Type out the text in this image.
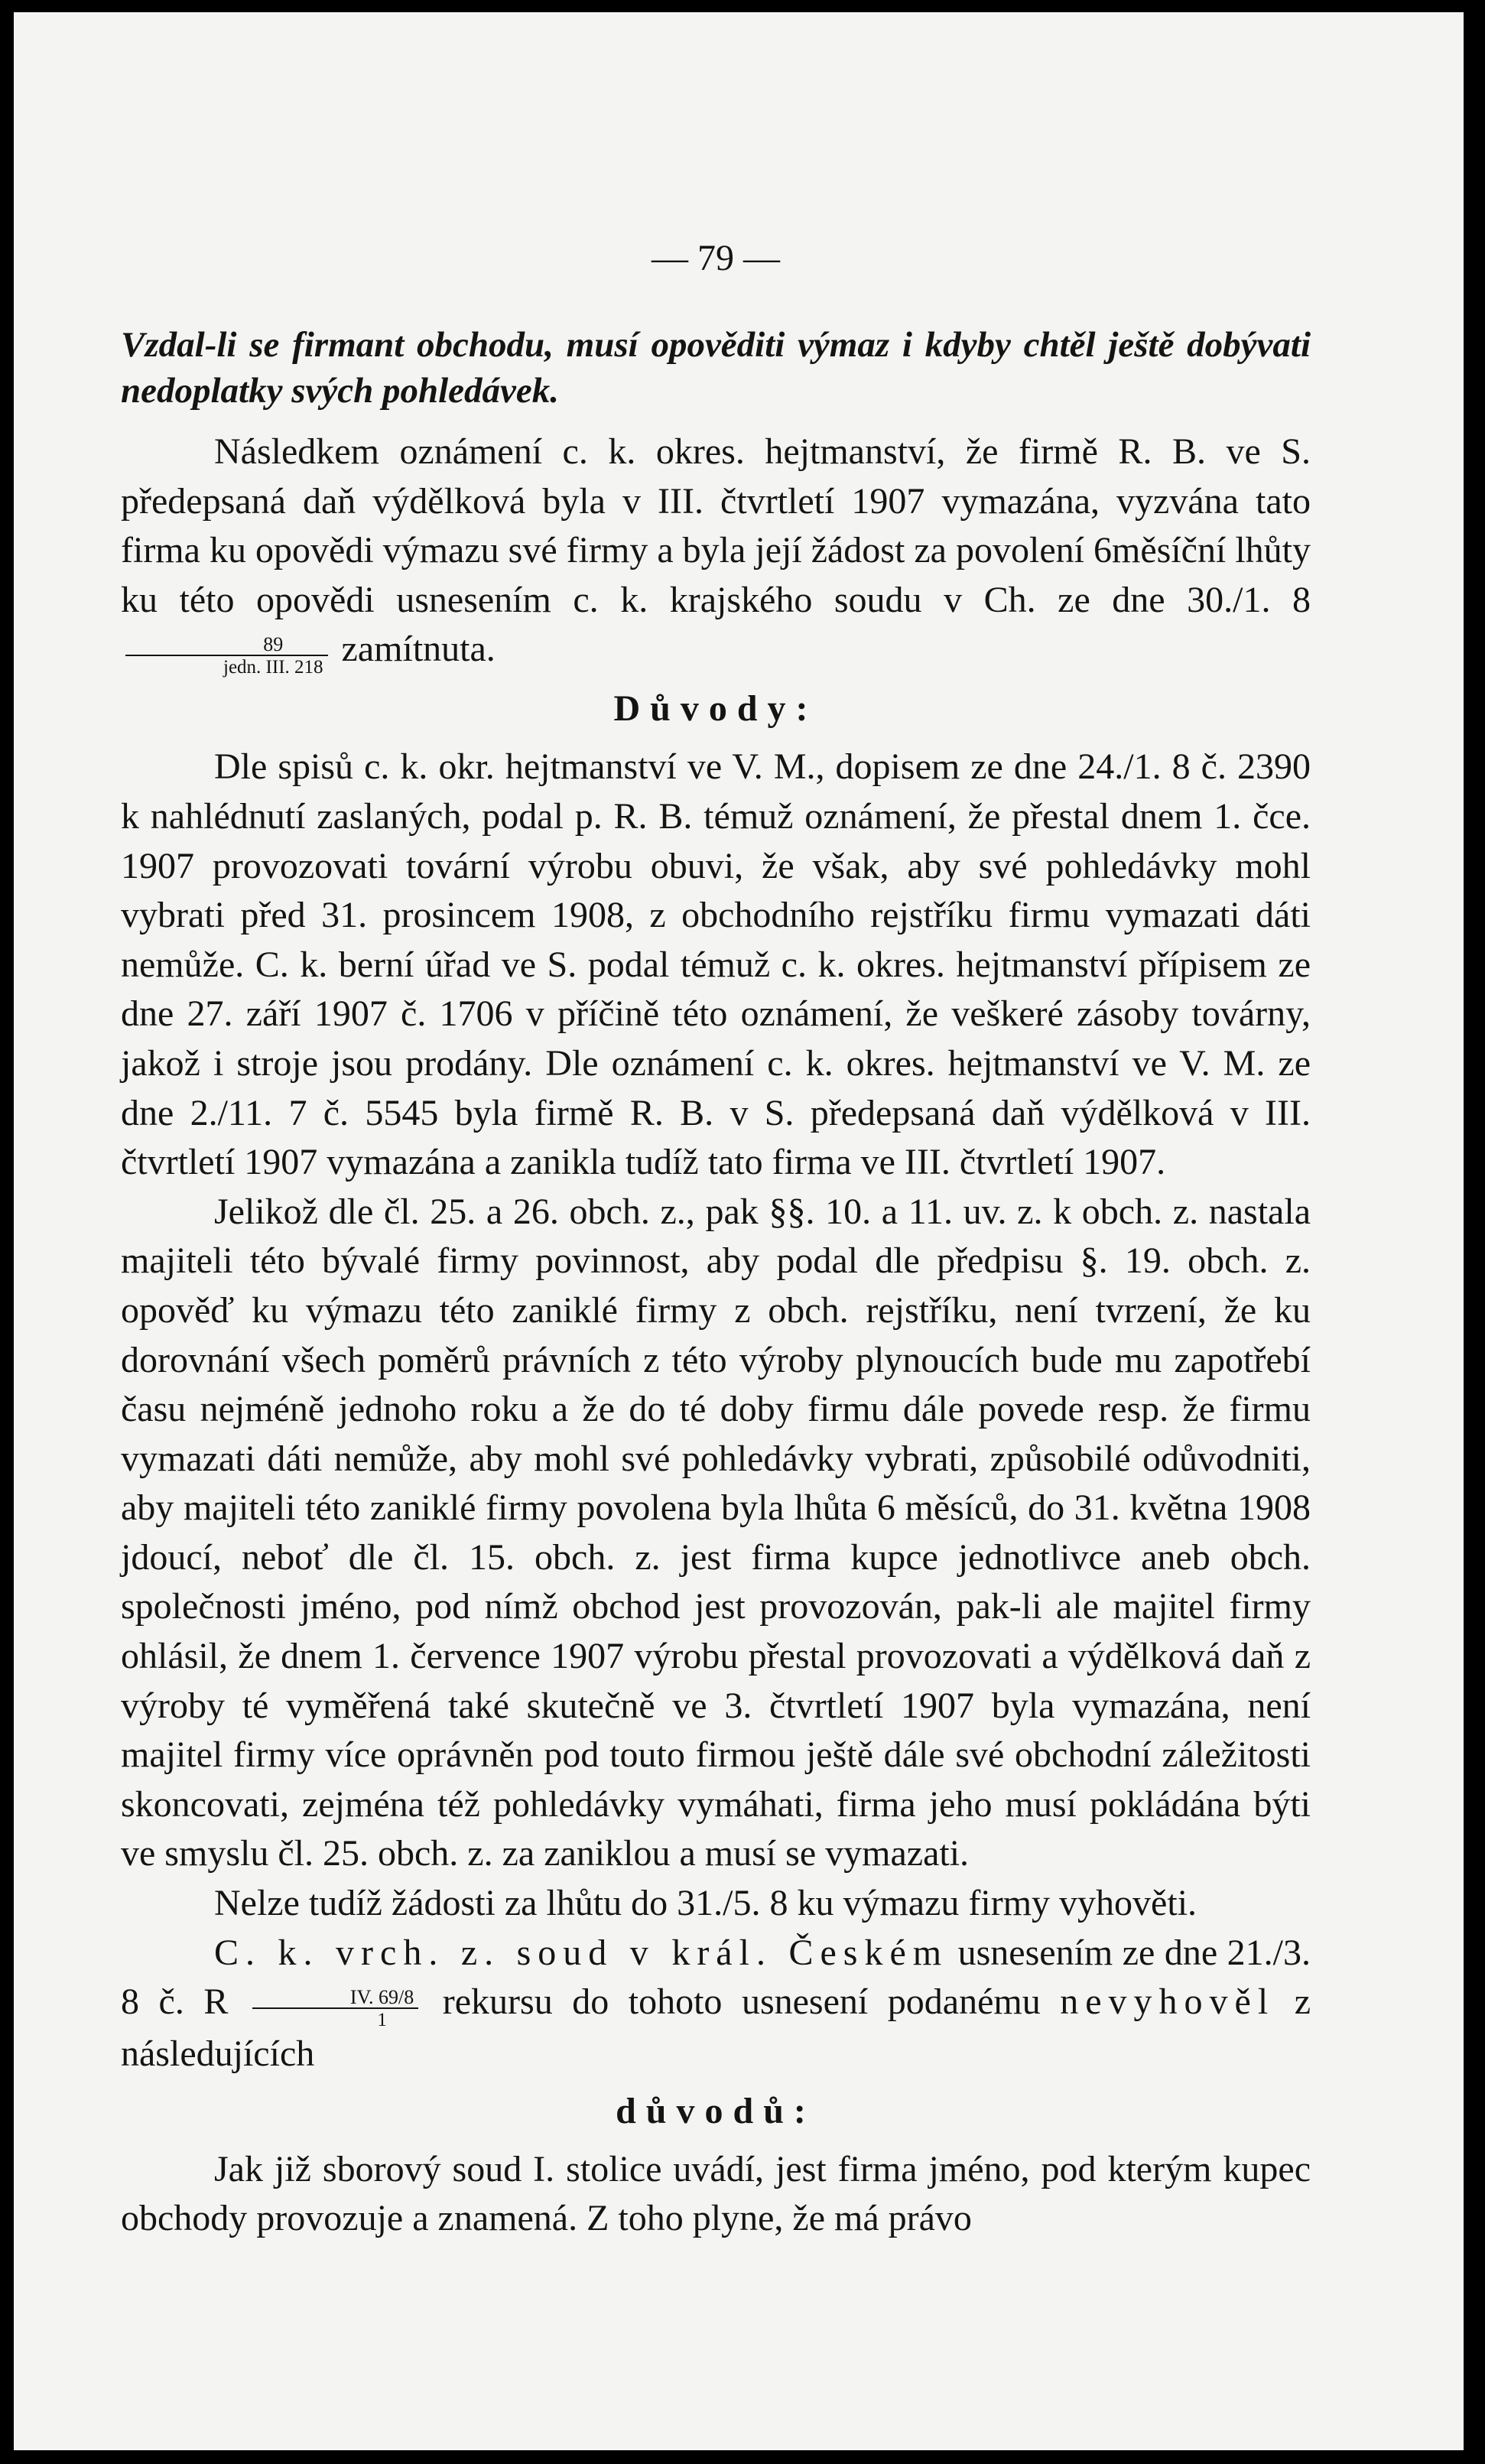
— 79 —
Vzdal-li se firmant obchodu, musí opověditi výmaz i kdyby chtěl ještě dobývati nedoplatky svých pohledávek.

Následkem oznámení c. k. okres. hejtmanství, že firmě R. B. ve S. předepsaná daň výdělková byla v III. čtvrtletí 1907 vymazána, vyzvána tato firma ku opovědi výmazu své firmy a byla její žádost za povolení 6měsíční lhůty ku této opovědi usnesením c. k. krajského soudu v Ch. ze dne 30./1. 8
$\frac{89}{\text{jedn. III. 218}}$ zamítnuta.

Důvody:

Dle spisů c. k. okr. hejtmanství ve V. M., dopisem ze dne 24./1. 8 č. 2390 k nahlédnutí zaslaných, podal p. R. B. témuž oznámení, že přestal dnem 1. čce. 1907 provozovati tovární výrobu obuvi, že však, aby své pohledávky mohl vybrati před 31. prosincem 1908, z obchodního rejstříku firmu vymazati dáti nemůže. C. k. berní úřad ve S. podal témuž c. k. okres. hejtmanství přípisem ze dne 27. září 1907 č. 1706 v příčině této oznámení, že veškeré zásoby továrny, jakož i stroje jsou prodány. Dle oznámení c. k. okres. hejtmanství ve V. M. ze dne 2./11. 7 č. 5545 byla firmě R. B. v S. předepsaná daň výdělková v III. čtvrtletí 1907 vymazána a zanikla tudíž tato firma ve III. čtvrtletí 1907.

Jelikož dle čl. 25. a 26. obch. z., pak §§. 10. a 11. uv. z. k obch. z. nastala majiteli této bývalé firmy povinnost, aby podal dle předpisu §. 19. obch. z. opověď ku výmazu této zaniklé firmy z obch. rejstříku, není tvrzení, že ku dorovnání všech poměrů právních z této výroby plynoucích bude mu zapotřebí času nejméně jednoho roku a že do té doby firmu dále povede resp. že firmu vymazati dáti nemůže, aby mohl své pohledávky vybrati, způsobilé odůvodniti, aby majiteli této zaniklé firmy povolena byla lhůta 6 měsíců, do 31. května 1908 jdoucí, neboť dle čl. 15. obch. z. jest firma kupce jednotlivce aneb obch. společnosti jméno, pod nímž obchod jest provozován, pak-li ale majitel firmy ohlásil, že dnem 1. července 1907 výrobu přestal provozovati a výdělková daň z výroby té vyměřená také skutečně ve 3. čtvrtletí 1907 byla vymazána, není majitel firmy více oprávněn pod touto firmou ještě dále své obchodní záležitosti skoncovati, zejména též pohledávky vymáhati, firma jeho musí pokládána býti ve smyslu čl. 25. obch. z. za zaniklou a musí se vymazati.

Nelze tudíž žádosti za lhůtu do 31./5. 8 ku výmazu firmy vyhověti.

C. k. vrch. z. soud v král. Českém usnesením ze dne 21./3. 8 č. R $\frac{IV. 69/8}{1}$ rekursu do tohoto usnesení podanému nevyhověl z následujících

důvodů:

Jak již sborový soud I. stolice uvádí, jest firma jméno, pod kterým kupec obchody provozuje a znamená. Z toho plyne, že má právo
